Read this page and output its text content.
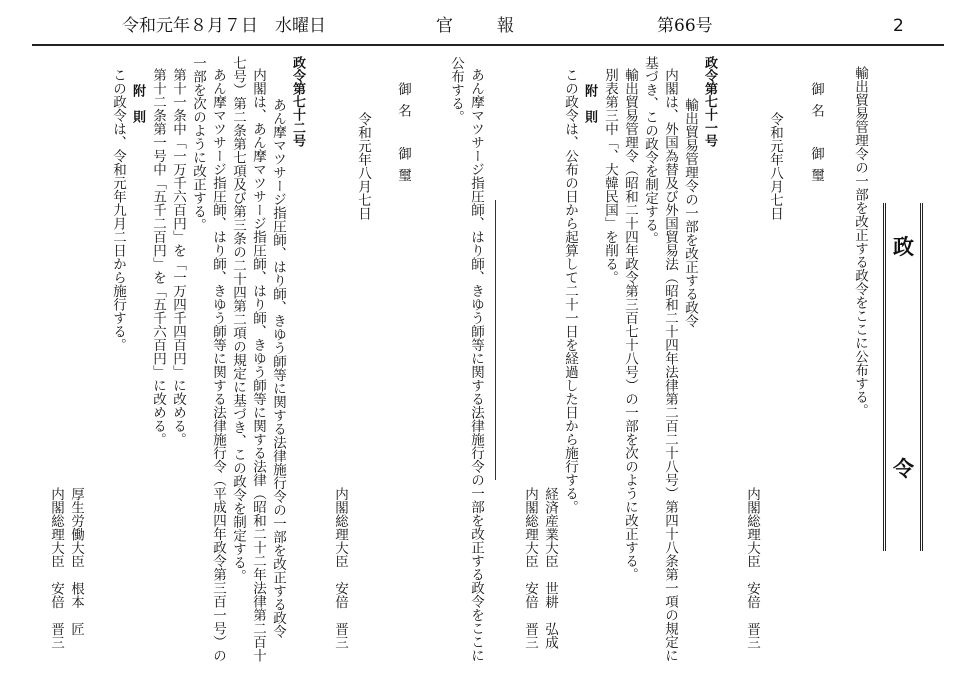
令和元年８月７日　水曜日	官報	第66号	2
政
令

輸出貿易管理令の一部を改正する政令をここに公布する。

御名　御璽

令和元年八月七日

内閣総理大臣　安倍　晋三

政令第七十一号

輸出貿易管理令の一部を改正する政令

内閣は、外国為替及び外国貿易法（昭和二十四年法律第二百二十八号）第四十八条第一項の規定に

基づき、この政令を制定する。

輸出貿易管理令（昭和二十四年政令第三百七十八号）の一部を次のように改正する。

別表第三中「、大韓民国」を削る。

附　則

この政令は、公布の日から起算して二十一日を経過した日から施行する。

経済産業大臣　世耕　弘成

内閣総理大臣　安倍　晋三

あん摩マツサージ指圧師、はり師、きゆう師等に関する法律施行令の一部を改正する政令をここに

公布する。

御名　御璽

令和元年八月七日

内閣総理大臣　安倍　晋三

政令第七十二号

あん摩マツサージ指圧師、はり師、きゆう師等に関する法律施行令の一部を改正する政令

内閣は、あん摩マツサージ指圧師、はり師、きゆう師等に関する法律（昭和二十二年法律第二百十

七号）第二条第七項及び第三条の二十四第二項の規定に基づき、この政令を制定する。

あん摩マツサージ指圧師、はり師、きゆう師等に関する法律施行令（平成四年政令第三百一号）の

一部を次のように改正する。

第十一条中「一万千六百円」を「一万四千四百円」に改める。

第十二条第一号中「五千二百円」を「五千六百円」に改める。

附　則

この政令は、令和元年九月二日から施行する。

厚生労働大臣　根本　匠

内閣総理大臣　安倍　晋三
